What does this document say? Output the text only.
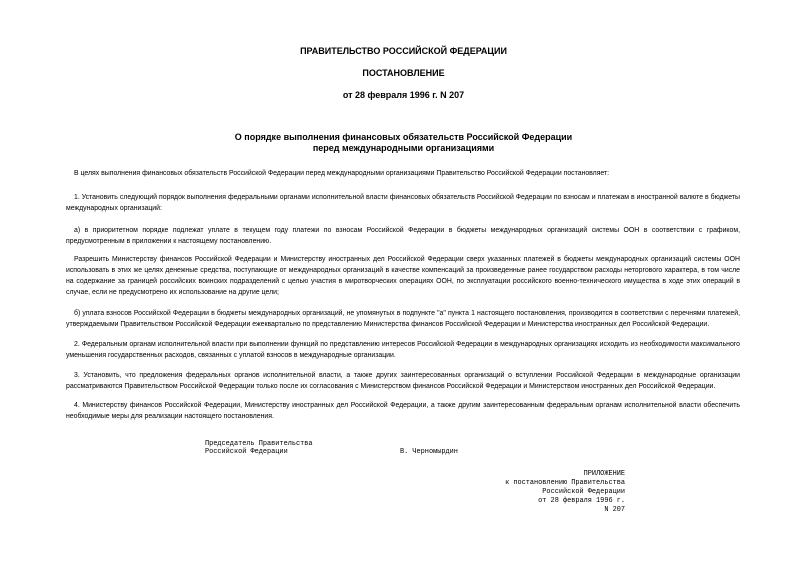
ПРАВИТЕЛЬСТВО РОССИЙСКОЙ ФЕДЕРАЦИИ
ПОСТАНОВЛЕНИЕ
от 28 февраля 1996 г. N 207
О порядке выполнения финансовых обязательств Российской Федерации
перед международными организациями

В целях выполнения финансовых обязательств Российской Федерации перед международными организациями Правительство Российской Федерации постановляет:

1. Установить следующий порядок выполнения федеральными органами исполнительной власти финансовых обязательств Российской Федерации по взносам и платежам в иностранной валюте в бюджеты международных организаций:

а) в приоритетном порядке подлежат уплате в текущем году платежи по взносам Российской Федерации в бюджеты международных организаций системы ООН в соответствии с графиком, предусмотренным в приложении к настоящему постановлению.

Разрешить Министерству финансов Российской Федерации и Министерству иностранных дел Российской Федерации сверх указанных платежей в бюджеты международных организаций системы ООН использовать в этих же целях денежные средства, поступающие от международных организаций в качестве компенсаций за произведенные ранее государством расходы неторгового характера, в том числе на содержание за границей российских воинских подразделений с целью участия в миротворческих операциях ООН, по эксплуатации российского военно-технического имущества в ходе этих операций в случае, если не предусмотрено их использование на другие цели;

б) уплата взносов Российской Федерации в бюджеты международных организаций, не упомянутых в подпункте "а" пункта 1 настоящего постановления, производится в соответствии с перечнями платежей, утверждаемыми Правительством Российской Федерации ежеквартально по представлению Министерства финансов Российской Федерации и Министерства иностранных дел Российской Федерации.

2. Федеральным органам исполнительной власти при выполнении функций по представлению интересов Российской Федерации в международных организациях исходить из необходимости максимального уменьшения государственных расходов, связанных с уплатой взносов в международные организации.

3. Установить, что предложения федеральных органов исполнительной власти, а также других заинтересованных организаций о вступлении Российской Федерации в международные организации рассматриваются Правительством Российской Федерации только после их согласования с Министерством финансов Российской Федерации и Министерством иностранных дел Российской Федерации.

4. Министерству финансов Российской Федерации, Министерству иностранных дел Российской Федерации, а также другим заинтересованным федеральным органам исполнительной власти обеспечить необходимые меры для реализации настоящего постановления.

Председатель Правительства
Российской Федерации	В. Черномырдин
ПРИЛОЖЕНИЕ
к постановлению Правительства
Российской Федерации
от 28 февраля 1996 г.
N 207
